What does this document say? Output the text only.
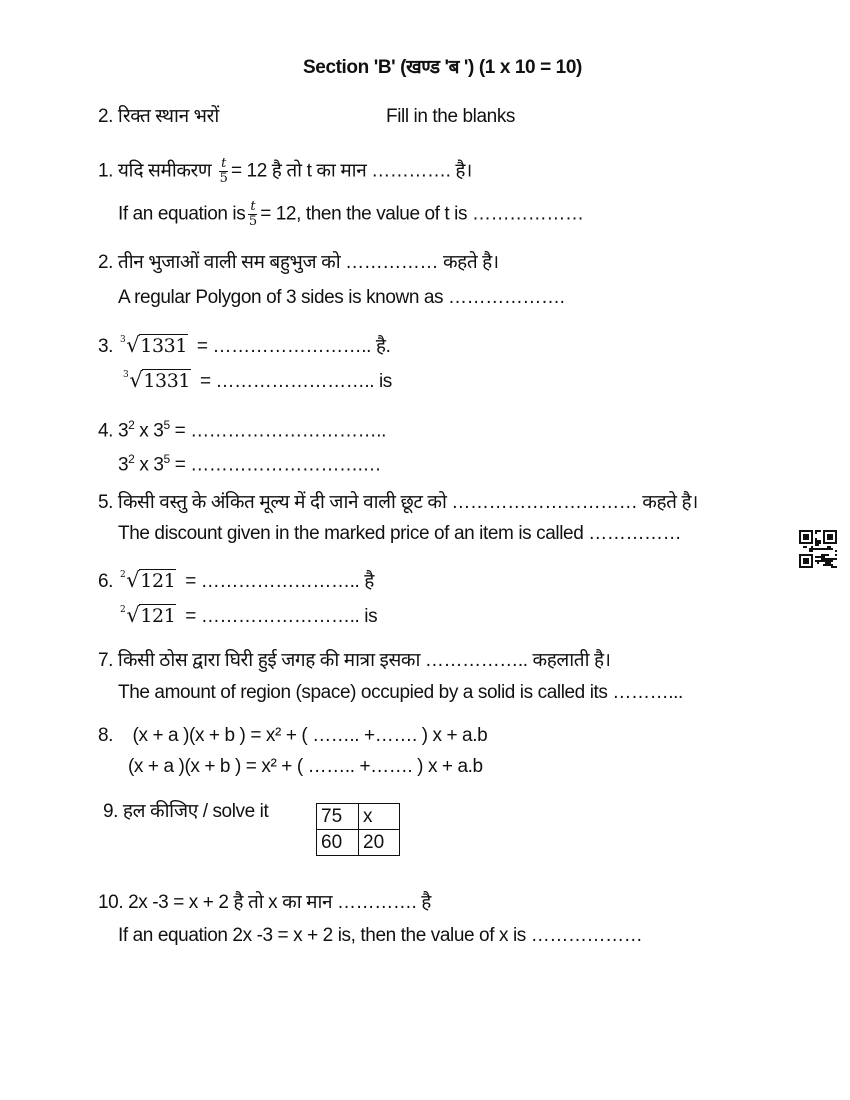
Section 'B' (खण्ड 'ब ') (1 x 10 = 10)
2. रिक्त स्थान भरों	Fill in the blanks
1. यदि समीकरण $\frac{t}{5} = 12$ है तो t का मान …………. है।
If an equation is $\frac{t}{5} = 12$, then the value of t is ………………
2. तीन भुजाओं वाली सम बहुभुज को …………… कहते है।
A regular Polygon of 3 sides is known as ……………….
3. 3√1331 = …………………….. है.
3√1331 = …………………….. is
4. $3^2$ x $3^5$ = …………………………..
$3^2$ x $3^5$ = ……………………….…
5. किसी वस्तु के अंकित मूल्य में दी जाने वाली छूट को ………………………… कहते है।
The discount given in the marked price of an item is called ……………
6. 2√121 = …………………….. है
2√121 = …………………….. is
7. किसी ठोस द्वारा घिरी हुई जगह की मात्रा इसका …………….. कहलाती है।
The amount of region (space) occupied by a solid is called its ………...
8.    (x + a )(x + b ) = x² + ( …….. +……. ) x + a.b
(x + a )(x + b ) = x² + ( …….. +……. ) x + a.b
9. हल कीजिए / solve it	75	x
60	20
10. 2x -3 = x + 2 है तो x का मान …………. है
If an equation 2x -3 = x + 2 is, then the value of x is ………………
